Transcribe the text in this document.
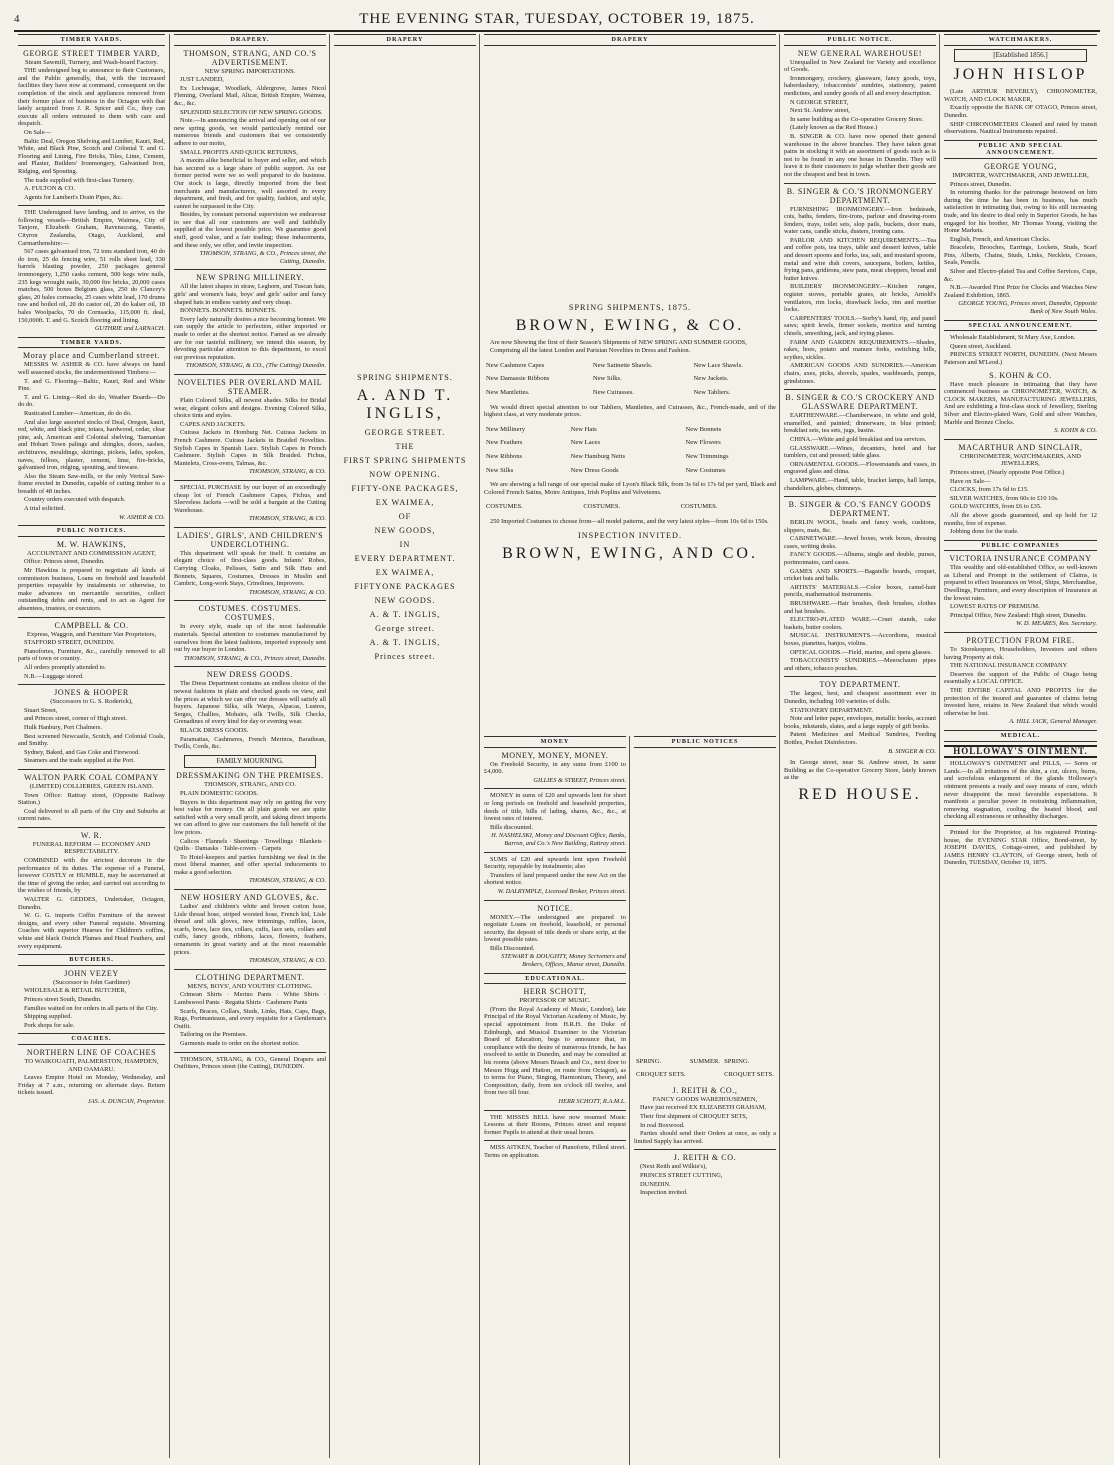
4	THE EVENING STAR, TUESDAY, OCTOBER 19, 1875.
TIMBER YARDS.
GEORGE STREET TIMBER YARD,
Steam Sawmill, Turnery, and Wash-board Factory.

THE undersigned beg to announce to their Customers, and the Public generally, that, with the increased facilities they have now at command, consequent on the completion of the stock and appliances removed from their former place of business in the Octagon with that lately acquired from J. R. Spicer and Co., they can execute all orders entrusted to them with care and despatch.

On Sale—

Baltic Deal, Oregon Shelving and Lumber, Kauri, Red, White, and Black Pine, Scotch and Colonial T. and G. Flooring and Lining, Fire Bricks, Tiles, Lime, Cement, and Plaster, Builders' Ironmongery, Galvanised Iron, Ridging, and Spouting.

The trade supplied with first-class Turnery.

A. FULTON & CO.

Agents for Lambert's Drain Pipes, &c.

THE Undersigned have landing, and to arrive, ex the following vessels—British Empire, Waimea, City of Tanjore, Elizabeth Graham, Ravenscraig, Taranto, Cityron Zealandia, Otago, Auckland, and Carmarthenshire:—

567 cases galvanised iron, 72 tons standard iron, 40 do do iron, 25 do fencing wire, 51 rolls sheet lead, 330 barrels blasting powder, 250 packages general ironmongery, 1,250 casks cement, 500 kegs wire nails, 235 kegs wrought nails, 30,000 fire bricks, 20,000 cases matches, 500 boxes Belgium glass, 250 do Clancey's glass, 20 bales cornsacks, 25 cases white lead, 170 drums raw and boiled oil, 20 do castor oil, 20 do kalser oil, 18 bales Woolpacks, 70 do Cornsacks, 115,000 ft. deal, 150,000ft. T. and G. Scotch flooring and lining.

GUTHRIE and LARNACH.

TIMBER YARDS.
Moray place and Cumberland street.

MESSRS W. ASHER & CO. have always on hand well seasoned stocks, the undermentioned Timbers:—

T. and G. Flooring—Baltic, Kauri, Red and White Pine.

T. and G. Lining—Red do do, Weather Boards—Do do do.

Rusticated Lumber—American, do do do.

And also large assorted stocks of Deal, Oregon, kauri, red, white, and black pine, totara, hardwood, cedar, clear pine, ash, American and Colonial shelving, Tasmanian and Hobart Town palings and shingles, doors, sashes, architraves, mouldings, skirtings, pickets, laths, spokes, naves, felloes, plaster, cement, lime, fire-bricks, galvanised iron, ridging, spouting, and tinware.

Also the Steam Saw-mills, or the only Vertical Saw-frame erected in Dunedin, capable of cutting timber to a breadth of 48 inches.

Country orders executed with despatch.

A trial solicited.

W. ASHER & CO.

PUBLIC NOTICES.
M. W. HAWKINS,
ACCOUNTANT AND COMMISSION AGENT,

Office: Princes street, Dunedin.

Mr Hawkins is prepared to negotiate all kinds of commission business, Loans on freehold and leasehold properties repayable by instalments or otherwise, to make advances on mercantile securities, collect outstanding debts and rents, and to act as Agent for absentees, trustees, or executors.

CAMPBELL & CO.
Express, Waggon, and Furniture Van Proprietors,

STAFFORD STREET, DUNEDIN.

Pianofortes, Furniture, &c., carefully removed to all parts of town or country.

All orders promptly attended to.

N.B.—Luggage stored.

JONES & HOOPER
(Successors to G. S. Roderick),

Stuart Street,

and Princes street, corner of High street.

Hulk Hanbury, Port Chalmers.

Best screened Newcastle, Scotch, and Colonial Coals, and Smithy.

Sydney, Baked, and Gas Coke and Firewood.

Steamers and the trade supplied at the Port.

WALTON PARK COAL COMPANY
(LIMITED) COLLIERIES, GREEN ISLAND.

Town Office: Rattray street, (Opposite Railway Station.)

Coal delivered to all parts of the City and Suburbs at current rates.

W. R.
FUNERAL REFORM — ECONOMY AND RESPECTABILITY.

COMBINED with the strictest decorum in the performance of its duties. The expense of a Funeral, however COSTLY or HUMBLE, may be ascertained at the time of giving the order, and carried out according to the wishes of friends, by

WALTER G. GEDDES, Undertaker, Octagon, Dunedin.

W. G. G. imports Coffin Furniture of the newest designs, and every other Funeral requisite. Mourning Coaches with superior Hearses for Children's coffins, white and black Ostrich Plumes and Head Feathers, and every equipment.

BUTCHERS.
JOHN VEZEY
(Successor to John Gardiner)

WHOLESALE & RETAIL BUTCHER,

Princes street South, Dunedin.

Families waited on for orders in all parts of the City.

Shipping supplied.

Pork shops for sale.

COACHES.
NORTHERN LINE OF COACHES
TO WAIKOUAITI, PALMERSTON, HAMPDEN, AND OAMARU.

Leaves Empire Hotel on Monday, Wednesday, and Friday at 7 a.m., returning on alternate days. Return tickets issued.

JAS. A. DUNCAN, Proprietor.

DRAPERY.
THOMSON, STRANG, AND CO.'S ADVERTISEMENT.
NEW SPRING IMPORTATIONS.

JUST LANDED,

Ex Lochnagar, Woodlark, Aldergrove, James Nicol Fleming, Overland Mail, Altcar, British Empire, Waimea, &c., &c.

SPLENDID SELECTION OF NEW SPRING GOODS.

Note.—In announcing the arrival and opening out of our new spring goods, we would particularly remind our numerous friends and customers that we consistently adhere to our motto,

SMALL PROFITS AND QUICK RETURNS,

A maxim alike beneficial to buyer and seller, and which has secured us a large share of public support. As our former period were we so well prepared to do business. Our stock is large, directly imported from the best merchants and manufacturers, well assorted in every department, and fresh, and for quality, fashion, and style, cannot be surpassed in the City.

Besides, by constant personal supervision we endeavour to see that all our customers are well and faithfully supplied at the lowest possible price. We guarantee good stuff, good value, and a fair trading; these inducements, and these only, we offer, and invite inspection.

THOMSON, STRANG, & CO., Princes street, the Cutting, Dunedin.

NEW SPRING MILLINERY.

All the latest shapes in straw, Leghorn, and Tuscan hats, girls' and women's hats, boys' and girls' sailor and fancy shaped hats in endless variety and very cheap.

BONNETS. BONNETS. BONNETS.

Every lady naturally desires a nice becoming bonnet. We can supply the article to perfection, either imported or made to order at the shortest notice. Famed as we already are for our tasteful millinery, we intend this season, by devoting particular attention to this department, to excel our previous reputation.

THOMSON, STRANG, & CO., (The Cutting) Dunedin.

NOVELTIES PER OVERLAND MAIL STEAMER.

Plain Colored Silks, all newest shades. Silks for Bridal wear, elegant colors and designs. Evening Colored Silks, choice tints and styles.

CAPES AND JACKETS.

Cuirass Jackets in Homburg Net. Cuirass Jackets in French Cashmere. Cuirass Jackets in Braided Novelties. Stylish Capes in Spanish Lace. Stylish Capes in French Cashmere. Stylish Capes in Silk Braided. Fichus, Mantelets, Cross-overs, Talmas, &c.

THOMSON, STRANG, & CO.

SPECIAL PURCHASE by our buyer of an exceedingly cheap lot of French Cashmere Capes, Fichus, and Sleeveless Jackets —will be sold a bargain at the Cutting Warehouse.

THOMSON, STRANG, & CO.

LADIES', GIRLS', AND CHILDREN'S UNDERCLOTHING.

This department will speak for itself. It contains an elegant choice of first-class goods. Infants' Robes, Carrying Cloaks, Pelisses, Satin and Silk Hats and Bonnets, Squares, Costumes, Dresses in Muslin and Cambric, Long-work Stays, Crinolines, Improvers.

THOMSON, STRANG, & CO.

COSTUMES. COSTUMES. COSTUMES.

In every style, made up of the most fashionable materials. Special attention to costumes manufactured by ourselves from the latest fashions, imported expressly sent out by our buyer in London.

THOMSON, STRANG, & CO., Princes street, Dunedin.

NEW DRESS GOODS.

The Dress Department contains an endless choice of the newest fashions in plain and checked goods on view, and the prices at which we can offer our dresses will satisfy all buyers. Japanese Silks, silk Warps, Alpacas, Lustres, Serges, Challies, Mohairs, silk Twills, Silk Checks, Grenadines of every kind for day or evening wear.

BLACK DRESS GOODS.

Paramattas, Cashmeres, French Merinos, Barathean, Twills, Cords, &c.

FAMILY MOURNING.
DRESSMAKING ON THE PREMISES.
THOMSON, STRANG, AND CO.

PLAIN DOMESTIC GOODS.

Buyers in this department may rely on getting the very best value for money. On all plain goods we are quite satisfied with a very small profit, and taking direct imports we can afford to give our customers the full benefit of the low prices.

Calicos · Flannels · Sheetings · Towellings · Blankets · Quilts · Damasks · Table-covers · Carpets

To Hotel-keepers and parties furnishing we deal in the most liberal manner, and offer special inducements to make a good selection.

THOMSON, STRANG, & CO.

NEW HOSIERY AND GLOVES, &c.

Ladies' and children's white and brown cotton hose, Lisle thread hose, striped worsted hose, French kid, Lisle thread and silk gloves, new trimmings, ruffles, laces, scarfs, bows, lace ties, collars, cuffs, lace sets, collars and cuffs, fancy goods, ribbons, laces, flowers, feathers, ornaments in great variety and at the most reasonable prices.

THOMSON, STRANG, & CO.

CLOTHING DEPARTMENT.
MEN'S, BOYS', AND YOUTHS' CLOTHING.

Crimean Shirts · Merino Pants · White Shirts · Lambswool Pants · Regatta Shirts · Cashmere Pants

Scarfs, Braces, Collars, Studs, Links, Hats, Caps, Bags, Rugs, Portmanteaus, and every requisite for a Gentleman's Outfit.

Tailoring on the Premises.

Garments made to order on the shortest notice.

THOMSON, STRANG, & CO., General Drapers and Outfitters, Princes street (the Cutting), DUNEDIN.

DRAPERY
SPRING SHIPMENTS.
A. AND T. INGLIS,
GEORGE STREET.
THE
FIRST SPRING SHIPMENTS
NOW OPENING.
FIFTY-ONE PACKAGES,
EX WAIMEA,
OF
NEW GOODS,
IN
EVERY DEPARTMENT.
EX WAIMEA,
FIFTYONE PACKAGES
NEW GOODS.
A. & T. INGLIS,
George street.
A. & T. INGLIS,
Princes street.
DRAPERY
SPRING SHIPMENTS, 1875.
BROWN, EWING, & CO.

Are now Showing the first of their Season's Shipments of NEW SPRING AND SUMMER GOODS,

Comprising all the latest London and Parisian Novelties in Dress and Fashion.

New Cashmere Capes	New Satinette Shawls.	New Lace Shawls.
New Damassie Ribbons	New Silks.	New Jackets.
New Mantlettes.	New Cuirasses.	New Tabliers.

We would direct special attention to our Tabliers, Mantlettes, and Cuirasses, &c., French-made, and of the highest class, at very moderate prices.

New Millinery	New Hats	New Bonnets
New Feathers	New Laces	New Flowers
New Ribbons	New Hamburg Netts	New Trimmings
New Silks	New Dress Goods	New Costumes

We are showing a full range of our special make of Lyon's Black Silk, from 3s 6d to 17s 6d per yard, Black and Colored French Satins, Moire Antiques, Irish Poplins and Velveteens.

COSTUMES.	COSTUMES.	COSTUMES.

250 Imported Costumes to choose from—all model patterns, and the very latest styles—from 10s 6d to 150s.

INSPECTION INVITED.
BROWN, EWING, AND CO.
MONEY
MONEY, MONEY, MONEY.

On Freehold Security, in any sums from £100 to £4,000.

GILLIES & STREET, Princes street.

MONEY in sums of £20 and upwards lent for short or long periods on freehold and leasehold properties, deeds of title, bills of lading, shares, &c., &c., at lowest rates of interest.

Bills discounted.

H. NASHELSKI, Money and Discount Office, Banks, Barron, and Co.'s New Building, Rattray street.

SUMS of £20 and upwards lent upon Freehold Security, repayable by instalments; also

Transfers of land prepared under the new Act on the shortest notice.

W. DALRYMPLE, Licensed Broker, Princes street.

NOTICE.

MONEY.—The undersigned are prepared to negotiate Loans on freehold, leasehold, or personal security, the deposit of title deeds or share scrip, at the lowest possible rates.

Bills Discounted.

STEWART & DOUGHTY, Money Scriveners and Brokers, Offices, Manse street, Dunedin.

EDUCATIONAL.
HERR SCHOTT,
PROFESSOR OF MUSIC.

(From the Royal Academy of Music, London), late Principal of the Royal Victorian Academy of Music, by special appointment from H.R.H. the Duke of Edinburgh, and Musical Examiner to the Victorian Board of Education, begs to announce that, in compliance with the desire of numerous friends, he has resolved to settle in Dunedin, and may be consulted at his rooms (above Messrs Braach and Co., next door to Messrs Hogg and Hutton, en route from Octagon), as to terms for Piano, Singing, Harmonium, Theory, and Composition, daily, from ten o'clock till twelve, and from two till four.

HERR SCHOTT, R.A.M.L.

THE MISSES BELL have now resumed Music Lessons at their Rooms, Princes street and request former Pupils to attend at their usual hours.

MISS AITKEN, Teacher of Pianoforte, Filleul street. Terms on application.

PUBLIC NOTICES
SPRING.	SUMMER.	SPRING.
CROQUET SETS.		CROQUET SETS.
J. REITH & CO.,
FANCY GOODS WAREHOUSEMEN,

Have just received EX ELIZABETH GRAHAM,

Their first shipment of CROQUET SETS,

In real Boxwood.

Parties should send their Orders at once, as only a limited Supply has arrived.

J. REITH & CO.

(Next Reith and Wilkie's),

PRINCES STREET CUTTING,

DUNEDIN.

Inspection invited.

PUBLIC NOTICE.
NEW GENERAL WAREHOUSE!

Unequalled in New Zealand for Variety and excellence of Goods.

Ironmongery, crockery, glassware, fancy goods, toys, haberdashery, tobacconists' sundries, stationery, patent medicines, and sundry goods of all and every description.

N GEORGE STREET,

Next St. Andrew street,

In same building as the Co-operative Grocery Store.

(Lately known as the Red House.)

B. SINGER & CO. have now opened their general warehouse in the above branches. They have taken great pains in stocking it with an assortment of goods such as is not to be found in any one house in Dunedin. They will leave it to their customers to judge whether their goods are not the cheapest and best in town.

B. SINGER & CO.'S IRONMONGERY DEPARTMENT.

FURNISHING IRONMONGERY.—Iron bedsteads, cots, baths, fenders, fire-irons, parlour and drawing-room fenders, trays, toilet sets, slop pails, buckets, door mats, water cans, candle sticks, dusters, ironing cans.

PARLOR AND KITCHEN REQUIREMENTS.—Tea and coffee pots, tea trays, table and dessert knives, table and dessert spoons and forks, tea, salt, and mustard spoons, metal and wire dish covers, saucepans, boilers, kettles, frying pans, gridirons, stew pans, meat choppers, bread and butter knives.

BUILDERS' IRONMONGERY.—Kitchen ranges, register stoves, portable grates, air bricks, Arnold's ventilators, rim locks, drawback locks, rim and mortise locks.

CARPENTERS' TOOLS.—Sorby's hand, rip, and panel saws; spirit levels, firmer sockets, mortice and turning chisels, smoothing, jack, and trying planes.

FARM AND GARDEN REQUIREMENTS.—Shades, rakes, hoes, potato and manure forks, switching bills, scythes, sickles.

AMERICAN GOODS AND SUNDRIES.—American chairs, axes, picks, shovels, spades, washboards, pumps, grindstones.

B. SINGER & CO.'S CROCKERY AND GLASSWARE DEPARTMENT.

EARTHENWARE.—Chamberware, in white and gold, enamelled, and painted; dinnerware, in blue printed; breakfast sets, tea sets, jugs, basins.

CHINA.—White and gold breakfast and tea services.

GLASSWARE.—Wines, decanters, hotel and bar tumblers, cut and pressed; table glass.

ORNAMENTAL GOODS.—Flowerstands and vases, in engraved glass and china.

LAMPWARE.—Hand, table, bracket lamps, hall lamps, chandeliers, globes, chimneys.

B. SINGER & CO.'S FANCY GOODS DEPARTMENT.

BERLIN WOOL, beads and fancy work, cushions, slippers, mats, &c.

CABINETWARE.—Jewel boxes, work boxes, dressing cases, writing desks.

FANCY GOODS.—Albums, single and double, purses, portmonnaies, card cases.

GAMES AND SPORTS.—Bagatelle boards, croquet, cricket bats and balls.

ARTISTS' MATERIALS.—Color boxes, camel-hair pencils, mathematical instruments.

BRUSHWARE.—Hair brushes, flesh brushes, clothes and hat brushes.

ELECTRO-PLATED WARE.—Cruet stands, cake baskets, butter coolers.

MUSICAL INSTRUMENTS.—Accordions, musical boxes, pianettes, banjos, violins.

OPTICAL GOODS.—Field, marine, and opera glasses.

TOBACCONISTS' SUNDRIES.—Meerschaum pipes and others, tobacco pouches.

TOY DEPARTMENT.

The largest, best, and cheapest assortment ever in Dunedin, including 100 varieties of dolls.

STATIONERY DEPARTMENT.

Note and letter paper, envelopes, metallic books, account books, inkstands, slates, and a large supply of gift books.

Patent Medicines and Medical Sundries, Feeding Bottles, Pocket Disinfectors.

B. SINGER & CO.

In George street, near St. Andrew street, In same Building as the Co-operative Grocery Store, lately known as the

RED HOUSE.
WATCHMAKERS.
[Established 1856.]
JOHN HISLOP

(Late ARTHUR BEVERLY), CHRONOMETER, WATCH, AND CLOCK MAKER,

Exactly opposite the BANK OF OTAGO, Princes street, Dunedin.

SHIP CHRONOMETERS Cleaned and rated by transit observations. Nautical Instruments repaired.

PUBLIC AND SPECIAL ANNOUNCEMENT.
GEORGE YOUNG,
IMPORTER, WATCHMAKER, AND JEWELLER,

Princes street, Dunedin.

In returning thanks for the patronage bestowed on him during the time he has been in business, has much satisfaction in intimating that, owing to his still increasing trade, and his desire to deal only in Superior Goods, he has engaged for his brother, Mr Thomas Young, visiting the Home Markets.

English, French, and American Clocks.

Bracelets, Brooches, Earrings, Lockets, Studs, Scarf Pins, Alberts, Chains, Studs, Links, Necklets, Crosses, Seals, Pencils.

Silver and Electro-plated Tea and Coffee Services, Cups, &c.

N.B.—Awarded First Prize for Clocks and Watches New Zealand Exhibition, 1865.

GEORGE YOUNG, Princes street, Dunedin, Opposite Bank of New South Wales.

SPECIAL ANNOUNCEMENT.

Wholesale Establishment, St Mary Axe, London.

Queen street, Auckland.

PRINCES STREET NORTH, DUNEDIN. (Next Messrs Paterson and M'Leod.)

S. KOHN & CO.

Have much pleasure in intimating that they have commenced business as CHRONOMETER, WATCH, & CLOCK MAKERS, MANUFACTURING JEWELLERS, And are exhibiting a first-class stock of Jewellery, Sterling Silver and Electro-plated Ware, Gold and silver Watches, Marble and Bronze Clocks.

S. KOHN & CO.

MACARTHUR AND SINCLAIR,
CHRONOMETER, WATCHMAKERS, AND JEWELLERS,

Princes street, (Nearly opposite Post Office.)

Have on Sale—

CLOCKS, from 17s 6d to £15.

SILVER WATCHES, from 60s to £10 10s.

GOLD WATCHES, from £6 to £35.

All the above goods guaranteed, and up hold for 12 months, free of expense.

Jobbing done for the trade.

PUBLIC COMPANIES
VICTORIA INSURANCE COMPANY

This wealthy and old-established Office, so well-known as Liberal and Prompt in the settlement of Claims, is prepared to effect Insurances on Wool, Ships, Merchandise, Dwellings, Furniture, and every description of Insurance at the lowest rates.

LOWEST RATES OF PREMIUM.

Principal Office, New Zealand: High street, Dunedin.

W. D. MEARES, Res. Secretary.

PROTECTION FROM FIRE.

To Storekeepers, Householders, Investors and others having Property at risk.

THE NATIONAL INSURANCE COMPANY

Deserves the support of the Public of Otago being essentially a LOCAL OFFICE.

THE ENTIRE CAPITAL AND PROFITS for the protection of the insured and guarantee of claims being invested here, retains in New Zealand that which would otherwise be lost.

A. HILL JACK, General Manager.

MEDICAL.
HOLLOWAY'S OINTMENT.

HOLLOWAY'S OINTMENT and PILLS, — Sores or Lands.—In all irritations of the skin, a cut, ulcers, burns, and scrofulous enlargement of the glands Holloway's ointment presents a ready and easy means of cure, which never disappoint the most favorable expectations. It manifests a peculiar power in restraining inflammation, removing stagnation, cooling the heated blood, and checking all extraneous or unhealthy discharges.

Printed for the Proprietor, at his registered Printing-house, the EVENING STAR Office, Bond-street, by JOSEPH DAVIES, Cottage-street, and published by JAMES HENRY CLAYTON, of George street, both of Dunedin, TUESDAY, October 19, 1875.
